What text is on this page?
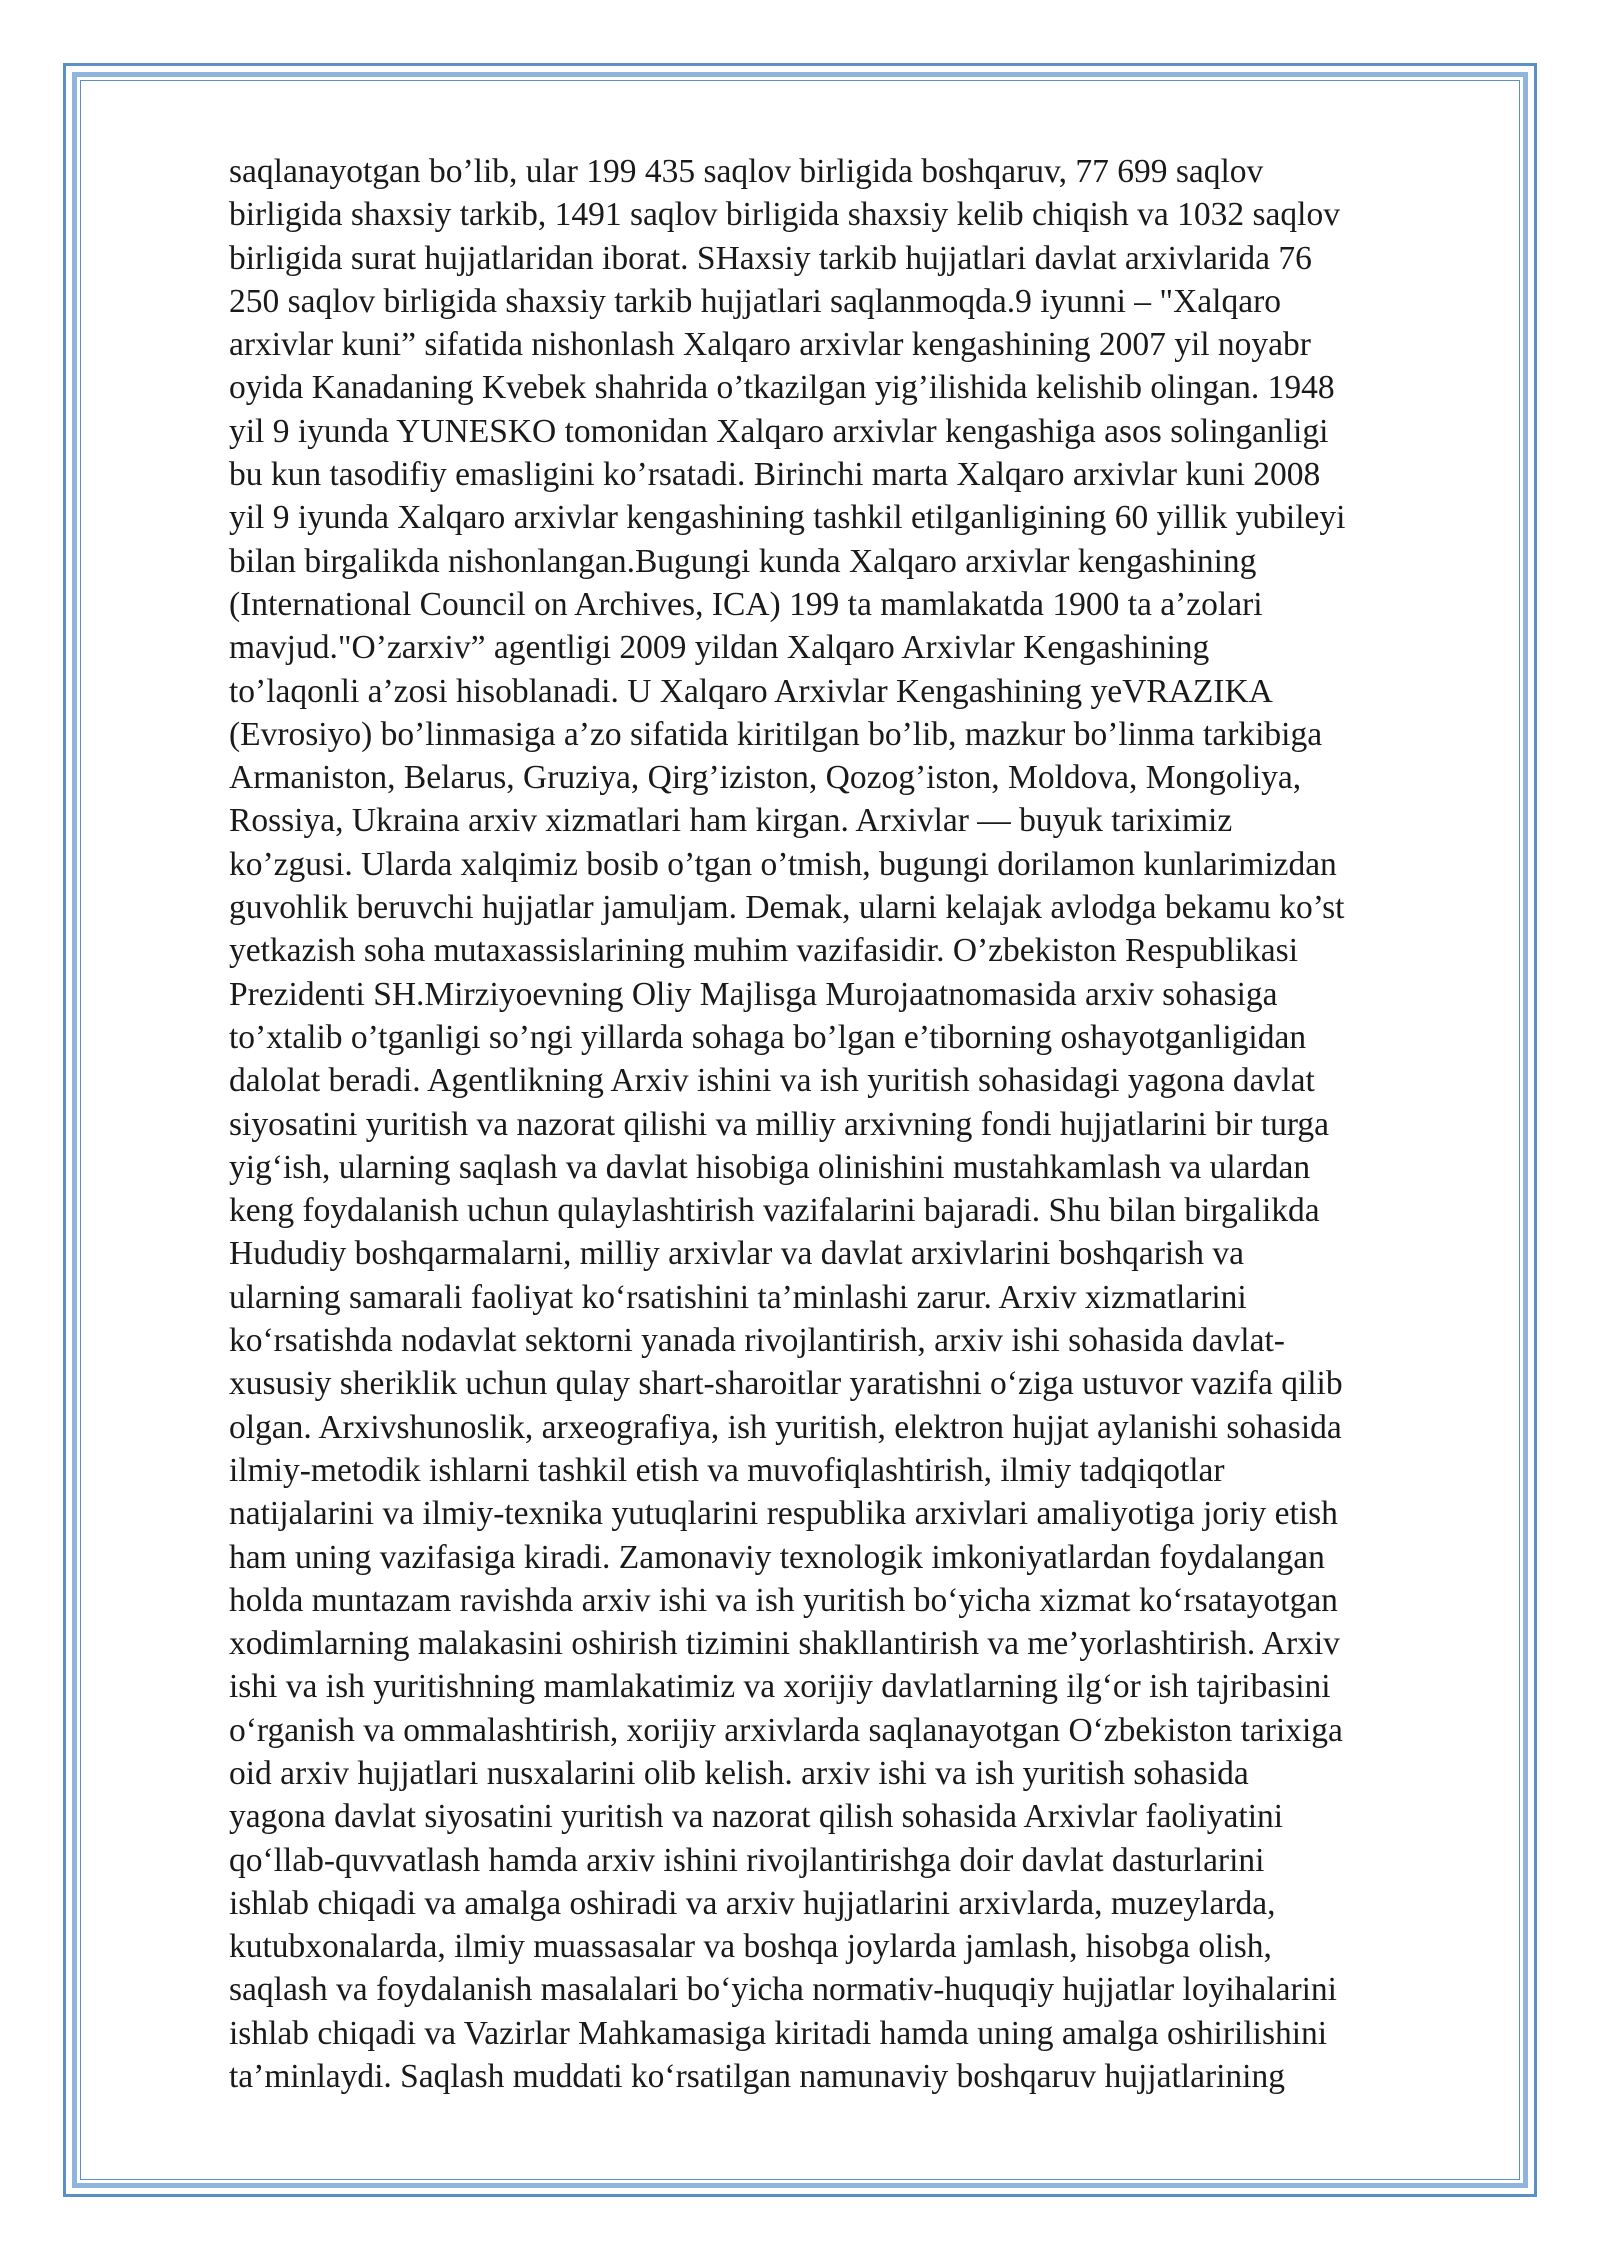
saqlanayotgan bo’lib, ular 199 435 saqlov birligida boshqaruv, 77 699 saqlov
birligida shaxsiy tarkib, 1491 saqlov birligida shaxsiy kelib chiqish va 1032 saqlov
birligida surat hujjatlaridan iborat. SHaxsiy tarkib hujjatlari davlat arxivlarida 76
250 saqlov birligida shaxsiy tarkib hujjatlari saqlanmoqda.9 iyunni – "Xalqaro
arxivlar kuni” sifatida nishonlash Xalqaro arxivlar kengashining 2007 yil noyabr
oyida Kanadaning Kvebek shahrida o’tkazilgan yig’ilishida kelishib olingan. 1948
yil 9 iyunda YUNESKO tomonidan Xalqaro arxivlar kengashiga asos solinganligi
bu kun tasodifiy emasligini ko’rsatadi. Birinchi marta Xalqaro arxivlar kuni 2008
yil 9 iyunda Xalqaro arxivlar kengashining tashkil etilganligining 60 yillik yubileyi
bilan birgalikda nishonlangan.Bugungi kunda Xalqaro arxivlar kengashining
(International Council on Archives, ICA) 199 ta mamlakatda 1900 ta a’zolari
mavjud."O’zarxiv” agentligi 2009 yildan Xalqaro Arxivlar Kengashining
to’laqonli a’zosi hisoblanadi. U Xalqaro Arxivlar Kengashining yeVRAZIKA
(Evrosiyo) bo’linmasiga a’zo sifatida kiritilgan bo’lib, mazkur bo’linma tarkibiga
Armaniston, Belarus, Gruziya, Qirg’iziston, Qozog’iston, Moldova, Mongoliya,
Rossiya, Ukraina arxiv xizmatlari ham kirgan. Arxivlar — buyuk tariximiz
ko’zgusi. Ularda xalqimiz bosib o’tgan o’tmish, bugungi dorilamon kunlarimizdan
guvohlik beruvchi hujjatlar jamuljam. Demak, ularni kelajak avlodga bekamu ko’st
yetkazish soha mutaxassislarining muhim vazifasidir. O’zbekiston Respublikasi
Prezidenti SH.Mirziyoevning Oliy Majlisga Murojaatnomasida arxiv sohasiga
to’xtalib o’tganligi so’ngi yillarda sohaga bo’lgan e’tiborning oshayotganligidan
dalolat beradi. Agentlikning Arxiv ishini va ish yuritish sohasidagi yagona davlat
siyosatini yuritish va nazorat qilishi va milliy arxivning fondi hujjatlarini bir turga
yig‘ish, ularning saqlash va davlat hisobiga olinishini mustahkamlash va ulardan
keng foydalanish uchun qulaylashtirish vazifalarini bajaradi. Shu bilan birgalikda
Hududiy boshqarmalarni, milliy arxivlar va davlat arxivlarini boshqarish va
ularning samarali faoliyat ko‘rsatishini ta’minlashi zarur. Arxiv xizmatlarini
ko‘rsatishda nodavlat sektorni yanada rivojlantirish, arxiv ishi sohasida davlat-
xususiy sheriklik uchun qulay shart-sharoitlar yaratishni o‘ziga ustuvor vazifa qilib
olgan. Arxivshunoslik, arxeografiya, ish yuritish, elektron hujjat aylanishi sohasida
ilmiy-metodik ishlarni tashkil etish va muvofiqlashtirish, ilmiy tadqiqotlar
natijalarini va ilmiy-texnika yutuqlarini respublika arxivlari amaliyotiga joriy etish
ham uning vazifasiga kiradi. Zamonaviy texnologik imkoniyatlardan foydalangan
holda muntazam ravishda arxiv ishi va ish yuritish bo‘yicha xizmat ko‘rsatayotgan
xodimlarning malakasini oshirish tizimini shakllantirish va me’yorlashtirish. Arxiv
ishi va ish yuritishning mamlakatimiz va xorijiy davlatlarning ilg‘or ish tajribasini
o‘rganish va ommalashtirish, xorijiy arxivlarda saqlanayotgan O‘zbekiston tarixiga
oid arxiv hujjatlari nusxalarini olib kelish. arxiv ishi va ish yuritish sohasida
yagona davlat siyosatini yuritish va nazorat qilish sohasida Arxivlar faoliyatini
qo‘llab-quvvatlash hamda arxiv ishini rivojlantirishga doir davlat dasturlarini
ishlab chiqadi va amalga oshiradi va arxiv hujjatlarini arxivlarda, muzeylarda,
kutubxonalarda, ilmiy muassasalar va boshqa joylarda jamlash, hisobga olish,
saqlash va foydalanish masalalari bo‘yicha normativ-huquqiy hujjatlar loyihalarini
ishlab chiqadi va Vazirlar Mahkamasiga kiritadi hamda uning amalga oshirilishini
ta’minlaydi. Saqlash muddati ko‘rsatilgan namunaviy boshqaruv hujjatlarining
